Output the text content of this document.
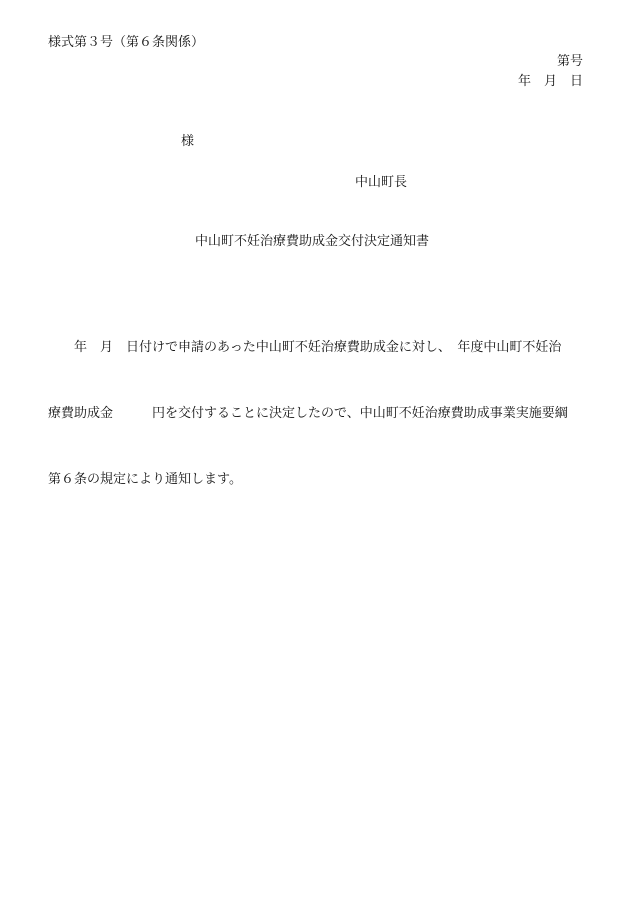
様式第３号（第６条関係）
第号
年　月　日
様
中山町長
中山町不妊治療費助成金交付決定通知書

　　年　月　日付けで申請のあった中山町不妊治療費助成金に対し、　年度中山町不妊治

療費助成金　　　円を交付することに決定したので、中山町不妊治療費助成事業実施要綱

第６条の規定により通知します。
